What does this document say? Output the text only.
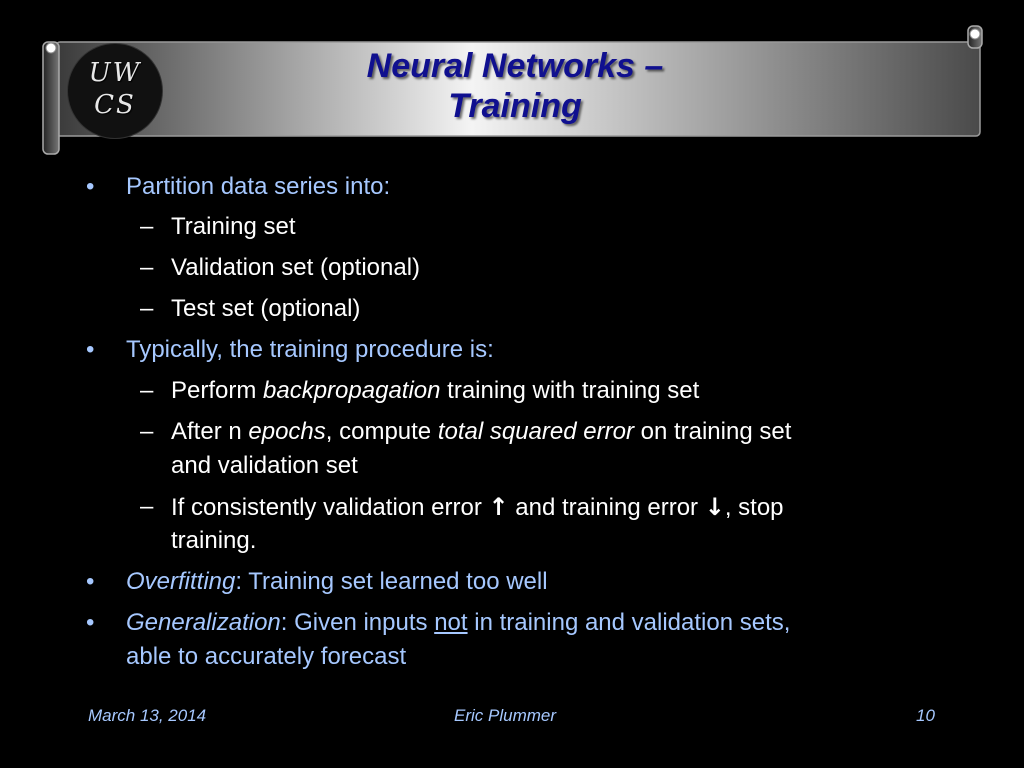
UW
CS
Neural Networks –
Training
•	Partition data series into:
– Training set
– Validation set (optional)
– Test set (optional)
•	Typically, the training procedure is:
– Perform backpropagation training with training set
– After n epochs, compute total squared error on training set
and validation set
– If consistently validation error ↑ and training error ↓, stop
training.
•	Overfitting: Training set learned too well
•	Generalization: Given inputs not in training and validation sets,
able to accurately forecast
March 13, 2014	Eric Plummer	10
